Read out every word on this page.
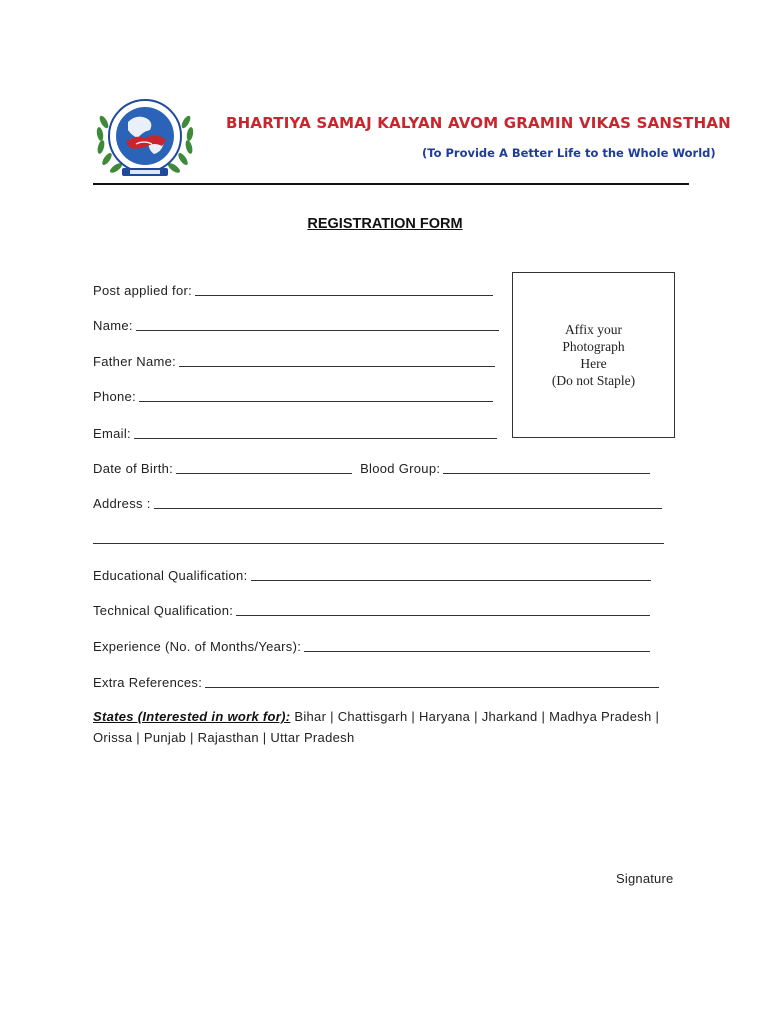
BHARTIYA SAMAJ KALYAN AVOM GRAMIN VIKAS SANSTHAN
(To Provide A Better Life to the Whole World)
REGISTRATION FORM
Post applied for:
Name:
Father Name:
Phone:
Email:
Affix your
Photograph
Here
(Do not Staple)
Date of Birth:	Blood Group:
Address :
Educational Qualification:
Technical Qualification:
Experience (No. of Months/Years):
Extra References:
States (Interested in work for): Bihar | Chattisgarh | Haryana | Jharkand | Madhya Pradesh | Orissa | Punjab | Rajasthan | Uttar Pradesh
Signature
